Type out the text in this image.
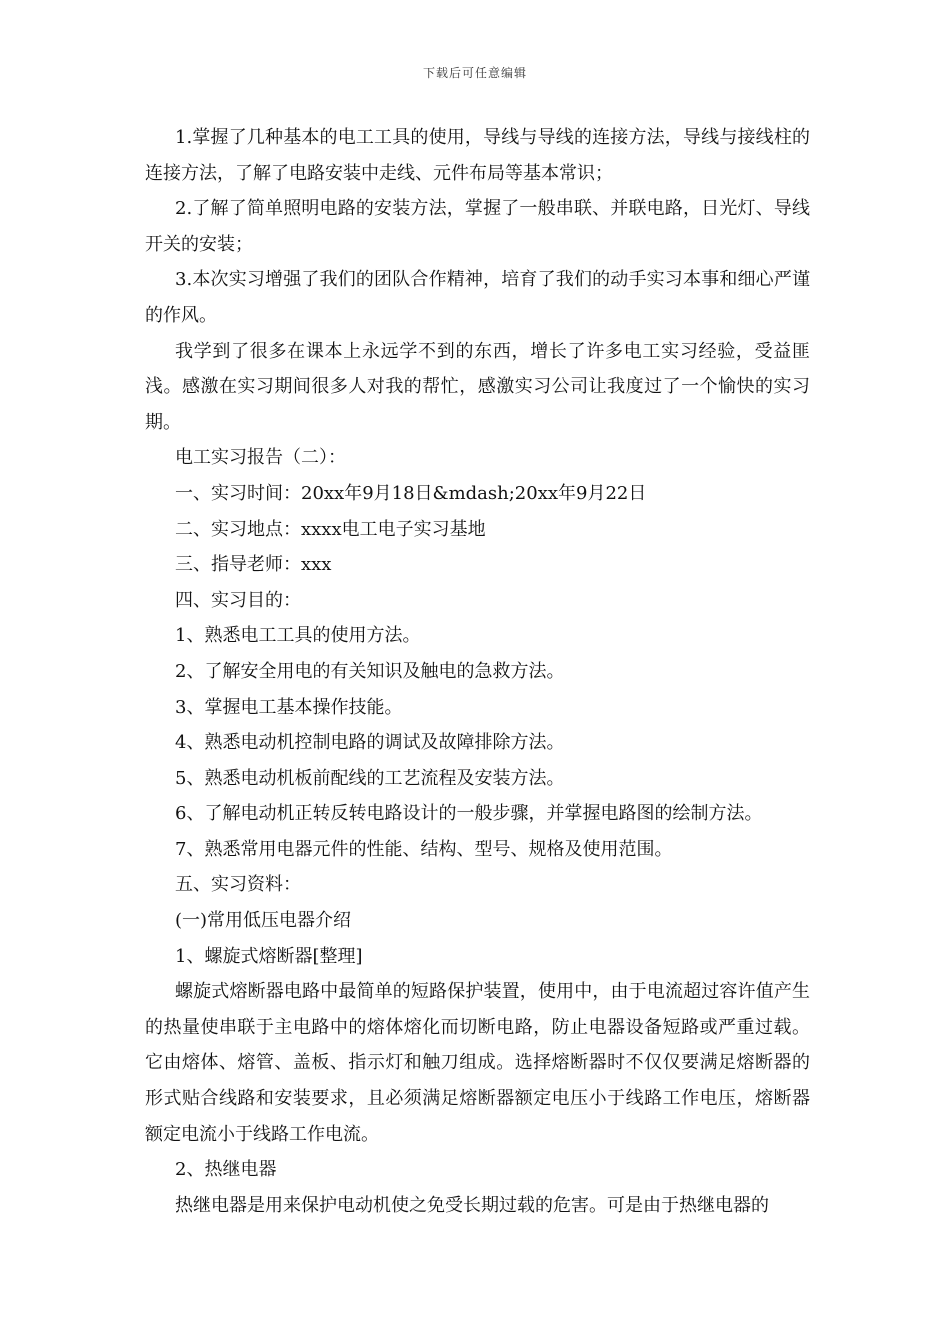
下载后可任意编辑

1.掌握了几种基本的电工工具的使用，导线与导线的连接方法，导线与接线柱的连接方法，了解了电路安装中走线、元件布局等基本常识；

2.了解了简单照明电路的安装方法，掌握了一般串联、并联电路，日光灯、导线开关的安装；

3.本次实习增强了我们的团队合作精神，培育了我们的动手实习本事和细心严谨的作风。

我学到了很多在课本上永远学不到的东西，增长了许多电工实习经验，受益匪浅。感激在实习期间很多人对我的帮忙，感激实习公司让我度过了一个愉快的实习期。

电工实习报告（二）：

一、实习时间：20xx年9月18日&mdash;20xx年9月22日

二、实习地点：xxxx电工电子实习基地

三、指导老师：xxx

四、实习目的：

1、熟悉电工工具的使用方法。

2、了解安全用电的有关知识及触电的急救方法。

3、掌握电工基本操作技能。

4、熟悉电动机控制电路的调试及故障排除方法。

5、熟悉电动机板前配线的工艺流程及安装方法。

6、了解电动机正转反转电路设计的一般步骤，并掌握电路图的绘制方法。

7、熟悉常用电器元件的性能、结构、型号、规格及使用范围。

五、实习资料：

(一)常用低压电器介绍

1、螺旋式熔断器[整理]

螺旋式熔断器电路中最简单的短路保护装置，使用中，由于电流超过容许值产生的热量使串联于主电路中的熔体熔化而切断电路，防止电器设备短路或严重过载。它由熔体、熔管、盖板、指示灯和触刀组成。选择熔断器时不仅仅要满足熔断器的形式贴合线路和安装要求，且必须满足熔断器额定电压小于线路工作电压，熔断器额定电流小于线路工作电流。

2、热继电器

热继电器是用来保护电动机使之免受长期过载的危害。可是由于热继电器的
